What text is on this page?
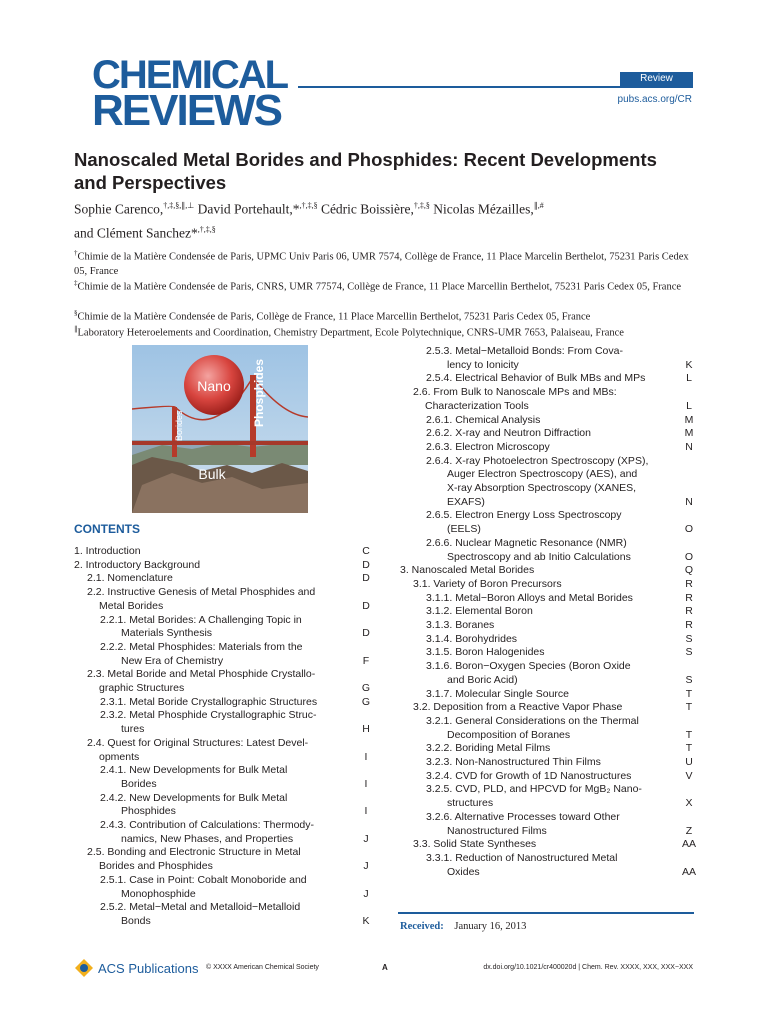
CHEMICAL
REVIEWS
Review
pubs.acs.org/CR
Nanoscaled Metal Borides and Phosphides: Recent Developments and Perspectives
Sophie Carenco,†,‡,§,∥,⊥ David Portehault,*,†,‡,§ Cédric Boissière,†,‡,§ Nicolas Mézailles,∥,#
and Clément Sanchez*,†,‡,§
†Chimie de la Matière Condensée de Paris, UPMC Univ Paris 06, UMR 7574, Collège de France, 11 Place Marcelin Berthelot, 75231 Paris Cedex 05, France
‡Chimie de la Matière Condensée de Paris, CNRS, UMR 77574, Collège de France, 11 Place Marcellin Berthelot, 75231 Paris Cedex 05, France
§Chimie de la Matière Condensée de Paris, Collège de France, 11 Place Marcellin Berthelot, 75231 Paris Cedex 05, France
∥Laboratory Heteroelements and Coordination, Chemistry Department, Ecole Polytechnique, CNRS-UMR 7653, Palaiseau, France
Nano
Bulk
Borides	Phosphides
CONTENTS
1. Introduction	C
2. Introductory Background	D
2.1. Nomenclature	D
2.2. Instructive Genesis of Metal Phosphides and
Metal Borides	D
2.2.1. Metal Borides: A Challenging Topic in
Materials Synthesis	D
2.2.2. Metal Phosphides: Materials from the
New Era of Chemistry	F
2.3. Metal Boride and Metal Phosphide Crystallo-
graphic Structures	G
2.3.1. Metal Boride Crystallographic Structures	G
2.3.2. Metal Phosphide Crystallographic Struc-
tures	H
2.4. Quest for Original Structures: Latest Devel-
opments	I
2.4.1. New Developments for Bulk Metal
Borides	I
2.4.2. New Developments for Bulk Metal
Phosphides	I
2.4.3. Contribution of Calculations: Thermody-
namics, New Phases, and Properties	J
2.5. Bonding and Electronic Structure in Metal
Borides and Phosphides	J
2.5.1. Case in Point: Cobalt Monoboride and
Monophosphide	J
2.5.2. Metal−Metal and Metalloid−Metalloid
Bonds	K
2.5.3. Metal−Metalloid Bonds: From Cova-
lency to Ionicity	K
2.5.4. Electrical Behavior of Bulk MBs and MPs	L
2.6. From Bulk to Nanoscale MPs and MBs:
Characterization Tools	L
2.6.1. Chemical Analysis	M
2.6.2. X-ray and Neutron Diffraction	M
2.6.3. Electron Microscopy	N
2.6.4. X-ray Photoelectron Spectroscopy (XPS),
Auger Electron Spectroscopy (AES), and
X-ray Absorption Spectroscopy (XANES,
EXAFS)	N
2.6.5. Electron Energy Loss Spectroscopy
(EELS)	O
2.6.6. Nuclear Magnetic Resonance (NMR)
Spectroscopy and ab Initio Calculations	O
3. Nanoscaled Metal Borides	Q
3.1. Variety of Boron Precursors	R
3.1.1. Metal−Boron Alloys and Metal Borides	R
3.1.2. Elemental Boron	R
3.1.3. Boranes	R
3.1.4. Borohydrides	S
3.1.5. Boron Halogenides	S
3.1.6. Boron−Oxygen Species (Boron Oxide
and Boric Acid)	S
3.1.7. Molecular Single Source	T
3.2. Deposition from a Reactive Vapor Phase	T
3.2.1. General Considerations on the Thermal
Decomposition of Boranes	T
3.2.2. Boriding Metal Films	T
3.2.3. Non-Nanostructured Thin Films	U
3.2.4. CVD for Growth of 1D Nanostructures	V
3.2.5. CVD, PLD, and HPCVD for MgB₂ Nano-
structures	X
3.2.6. Alternative Processes toward Other
Nanostructured Films	Z
3.3. Solid State Syntheses	AA
3.3.1. Reduction of Nanostructured Metal
Oxides	AA
Received: January 16, 2013
ACS Publications © XXXX American Chemical Society	A	dx.doi.org/10.1021/cr400020d | Chem. Rev. XXXX, XXX, XXX−XXX
